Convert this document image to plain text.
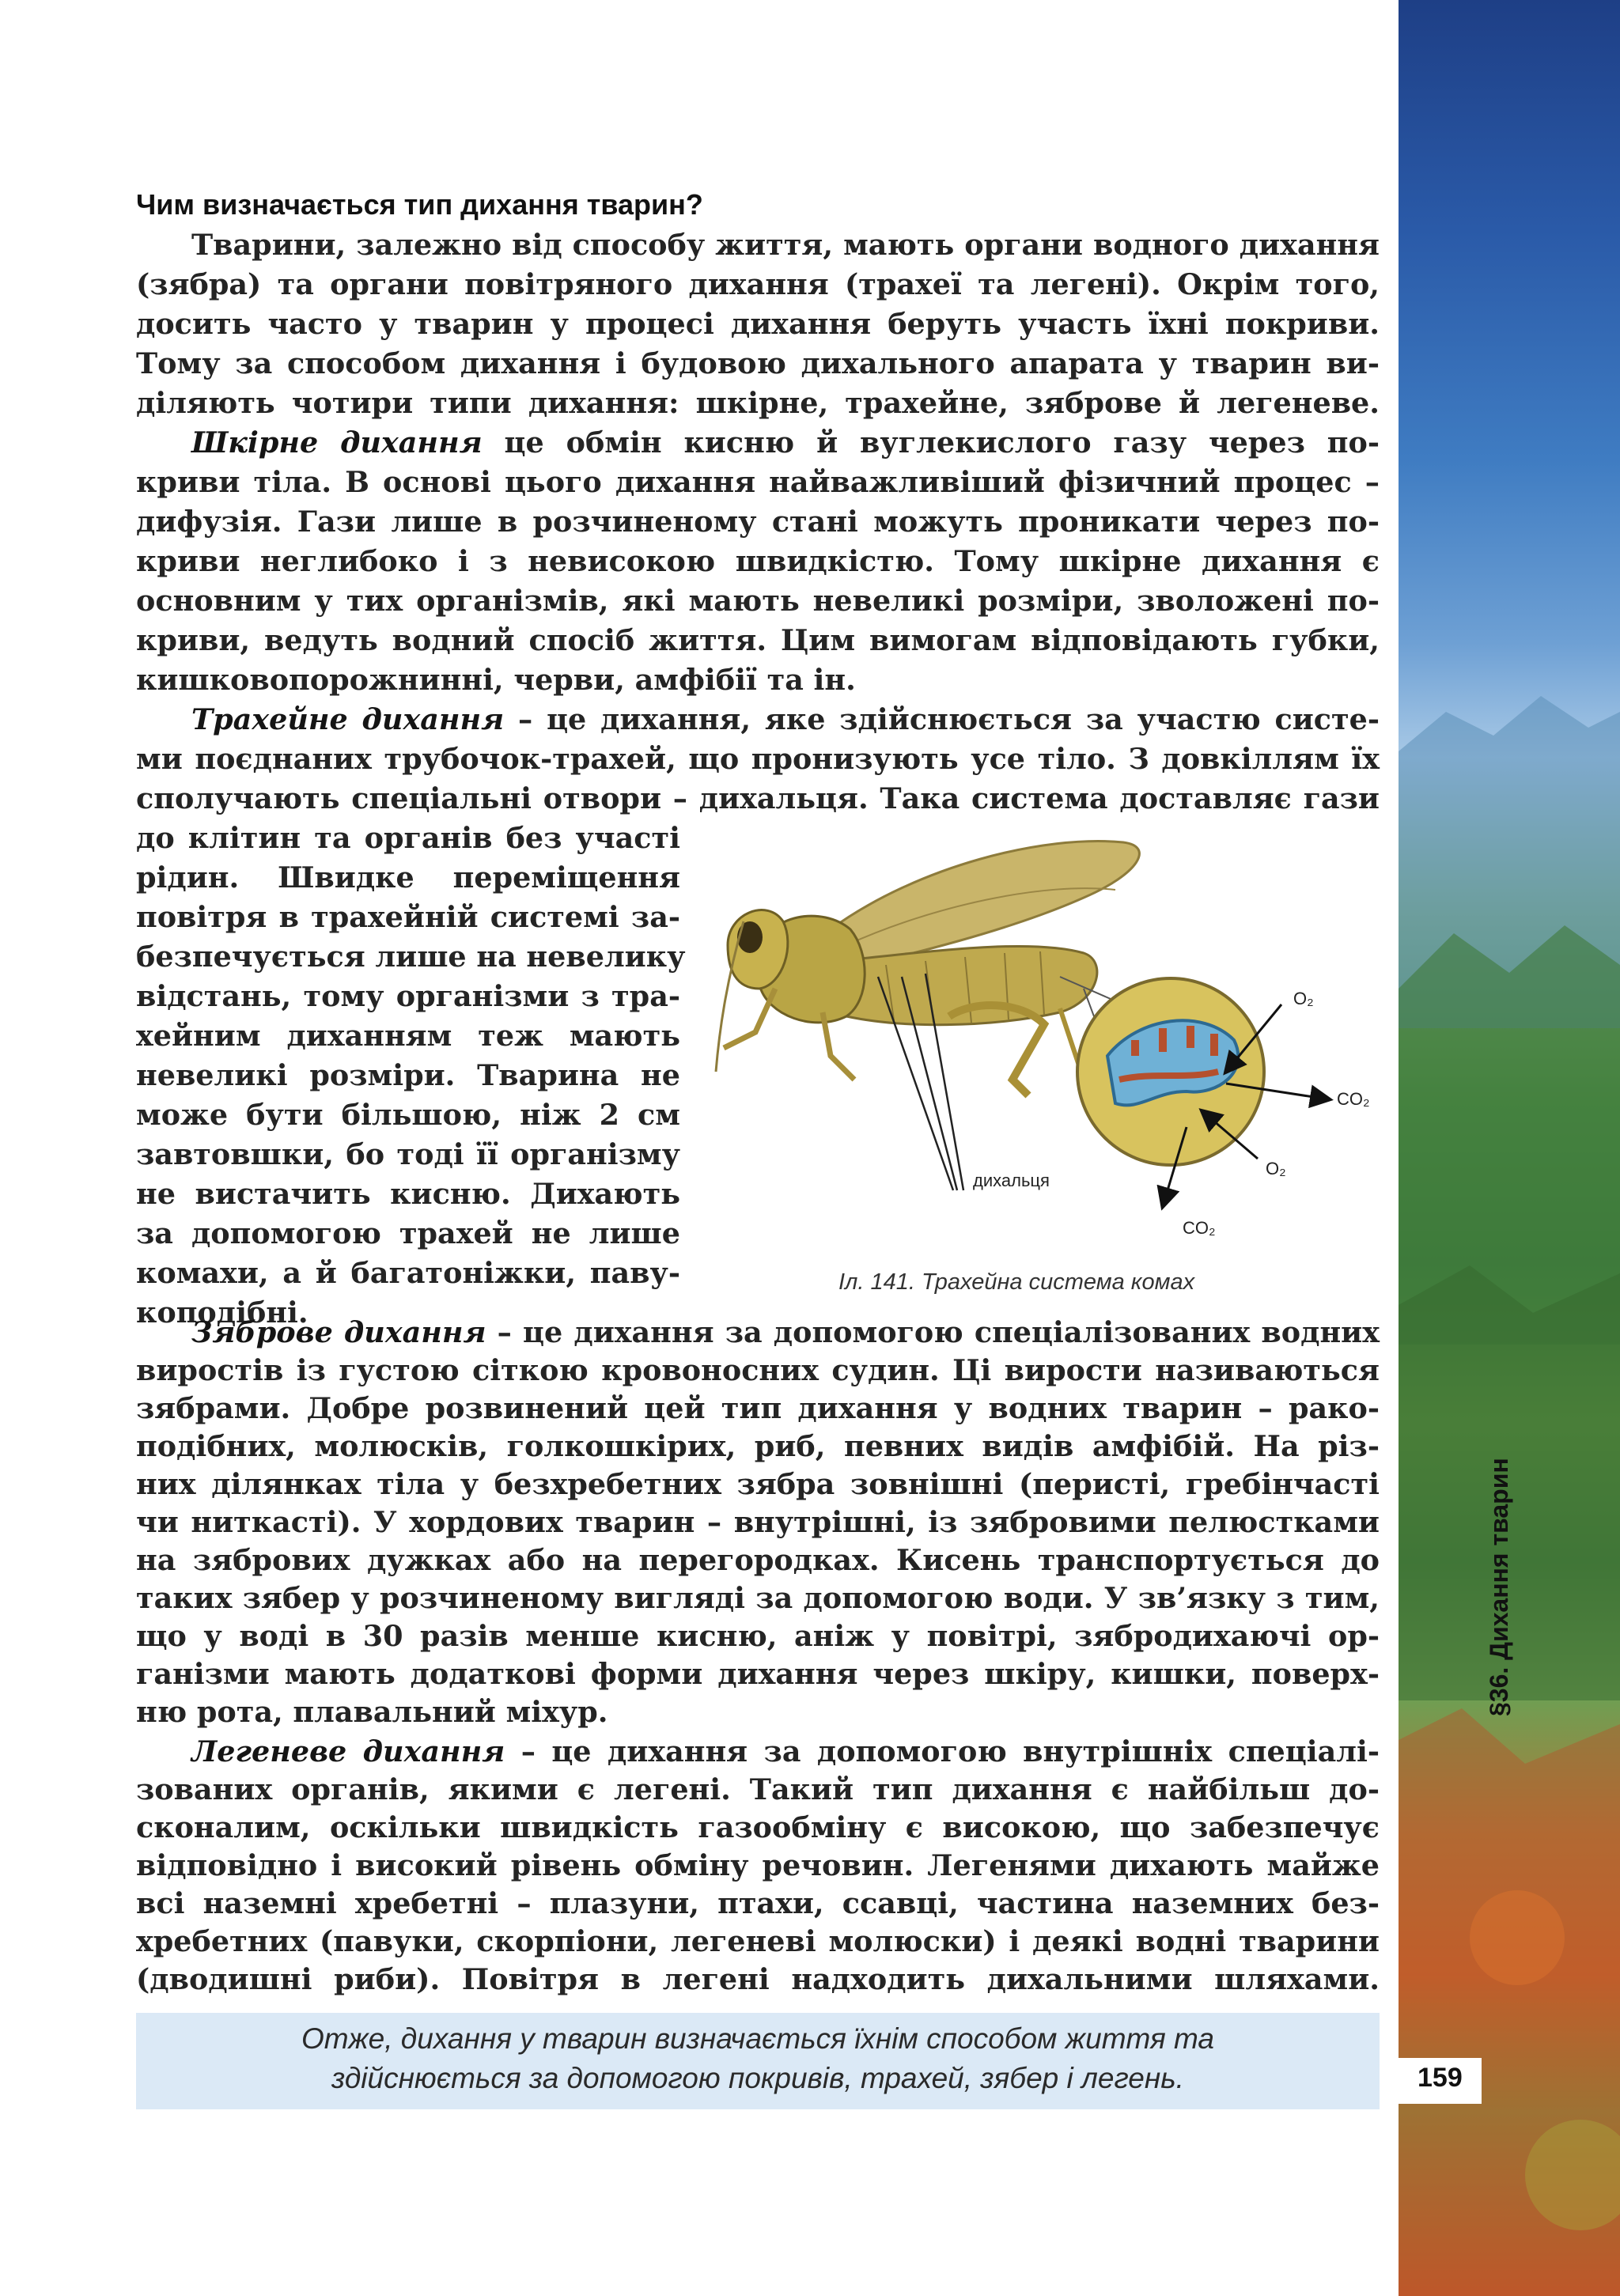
§36. Дихання тварин
159
Чим визначається тип дихання тварин?
Тварини, залежно від способу життя, мають органи водного дихання
(зябра) та органи повітряного дихання (трахеї та легені). Окрім того,
досить часто у тварин у процесі дихання беруть участь їхні покриви.
Тому за способом дихання і будовою дихального апарата у тварин ви-
діляють чотири типи дихання: шкірне, трахейне, зяброве й легеневе.
Шкірне дихання це обмін кисню й вуглекислого газу через по-
криви тіла. В основі цього дихання найважливіший фізичний процес –
дифузія. Гази лише в розчиненому стані можуть проникати через по-
криви неглибоко і з невисокою швидкістю. Тому шкірне дихання є
основним у тих організмів, які мають невеликі розміри, зволожені по-
криви, ведуть водний спосіб життя. Цим вимогам відповідають губки,
кишковопорожнинні, черви, амфібії та ін.
Трахейне дихання – це дихання, яке здійснюється за участю систе-
ми поєднаних трубочок-трахей, що пронизують усе тіло. З довкіллям їх
сполучають спеціальні отвори – дихальця. Така система доставляє гази
до клітин та органів без участі
рідин. Швидке переміщення
повітря в трахейній системі за-
безпечується лише на невелику
відстань, тому організми з тра-
хейним диханням теж мають
невеликі розміри. Тварина не
може бути більшою, ніж 2 см
завтовшки, бо тоді її організму
не вистачить кисню. Дихають
за допомогою трахей не лише
комахи, а й багатоніжки, паву-
коподібні.
O₂
CO₂
O₂
CO₂
дихальця
Іл. 141. Трахейна система комах
Зяброве дихання – це дихання за допомогою спеціалізованих водних
виростів із густою сіткою кровоносних судин. Ці вирости називаються
зябрами. Добре розвинений цей тип дихання у водних тварин – рако-
подібних, молюсків, голкошкірих, риб, певних видів амфібій. На різ-
них ділянках тіла у безхребетних зябра зовнішні (перисті, гребінчасті
чи ниткасті). У хордових тварин – внутрішні, із зябровими пелюстками
на зябрових дужках або на перегородках. Кисень транспортується до
таких зябер у розчиненому вигляді за допомогою води. У зв’язку з тим,
що у воді в 30 разів менше кисню, аніж у повітрі, зябродихаючі ор-
ганізми мають додаткові форми дихання через шкіру, кишки, поверх-
ню рота, плавальний міхур.
Легеневе дихання – це дихання за допомогою внутрішніх спеціалі-
зованих органів, якими є легені. Такий тип дихання є найбільш до-
сконалим, оскільки швидкість газообміну є високою, що забезпечує
відповідно і високий рівень обміну речовин. Легенями дихають майже
всі наземні хребетні – плазуни, птахи, ссавці, частина наземних без-
хребетних (павуки, скорпіони, легеневі молюски) і деякі водні тварини
(дводишні риби). Повітря в легені надходить дихальними шляхами.
Отже, дихання у тварин визначається їхнім способом життя та
здійснюється за допомогою покривів, трахей, зябер і легень.
